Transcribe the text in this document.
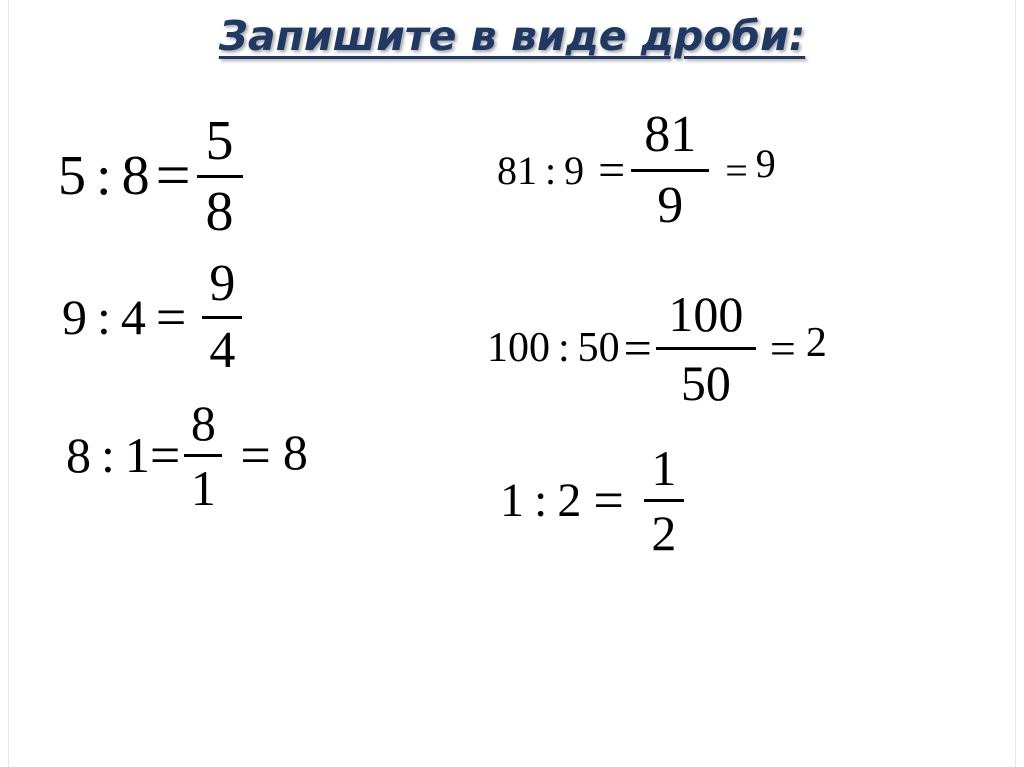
Запишите в виде дроби:
5 : $8 = \frac{5}{8}$
9 : $4 = \frac{9}{4}$
8 : $1 = \frac{8}{1} = 8$
81 : $9 = \frac{81}{9} = 9$
100 : $50 = \frac{100}{50} = 2$
1 : $2 = \frac{1}{2}$
